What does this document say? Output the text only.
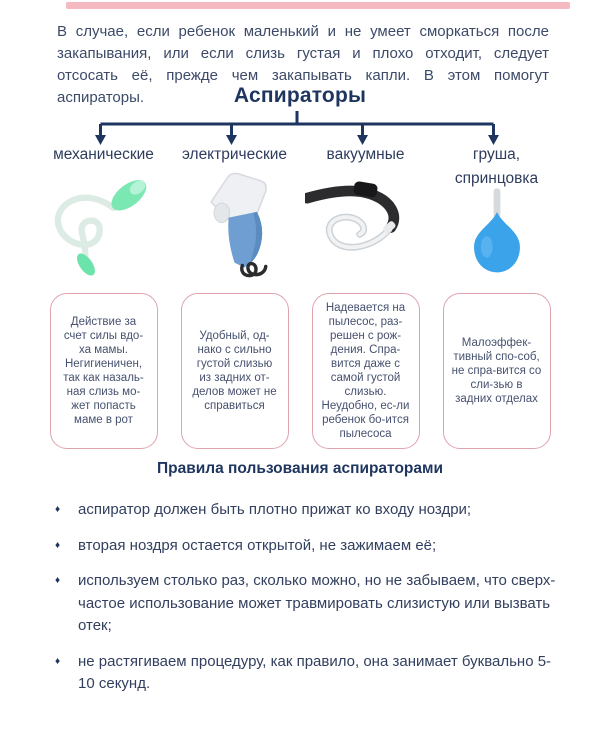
В случае, если ребенок маленький и не умеет сморкаться после закапывания, или если слизь густая и плохо отходит, следует отсосать её, прежде чем закапывать капли. В этом помогут аспираторы.	Аспираторы
механические	электрические	вакуумные	груша, спринцовка
Действие за счет силы вдо-ха мамы. Негигиеничен, так как назаль-ная слизь мо-жет попасть маме в рот
Удобный, од-нако с сильно густой слизью из задних от-делов может не справиться
Надевается на пылесос, раз-решен с рож-дения. Спра-вится даже с самой густой слизью. Неудобно, ес-ли ребенок бо-ится пылесоса
Малоэффек-тивный спо-соб, не спра-вится со сли-зью в задних отделах
Правила пользования аспираторами
♦	аспиратор должен быть плотно прижат ко входу ноздри;
♦	вторая ноздря остается открытой, не зажимаем её;
♦	используем столько раз, сколько можно, но не забываем, что сверх-частое использование может травмировать слизистую или вызвать отек;
♦	не растягиваем процедуру, как правило, она занимает буквально 5-10 секунд.
